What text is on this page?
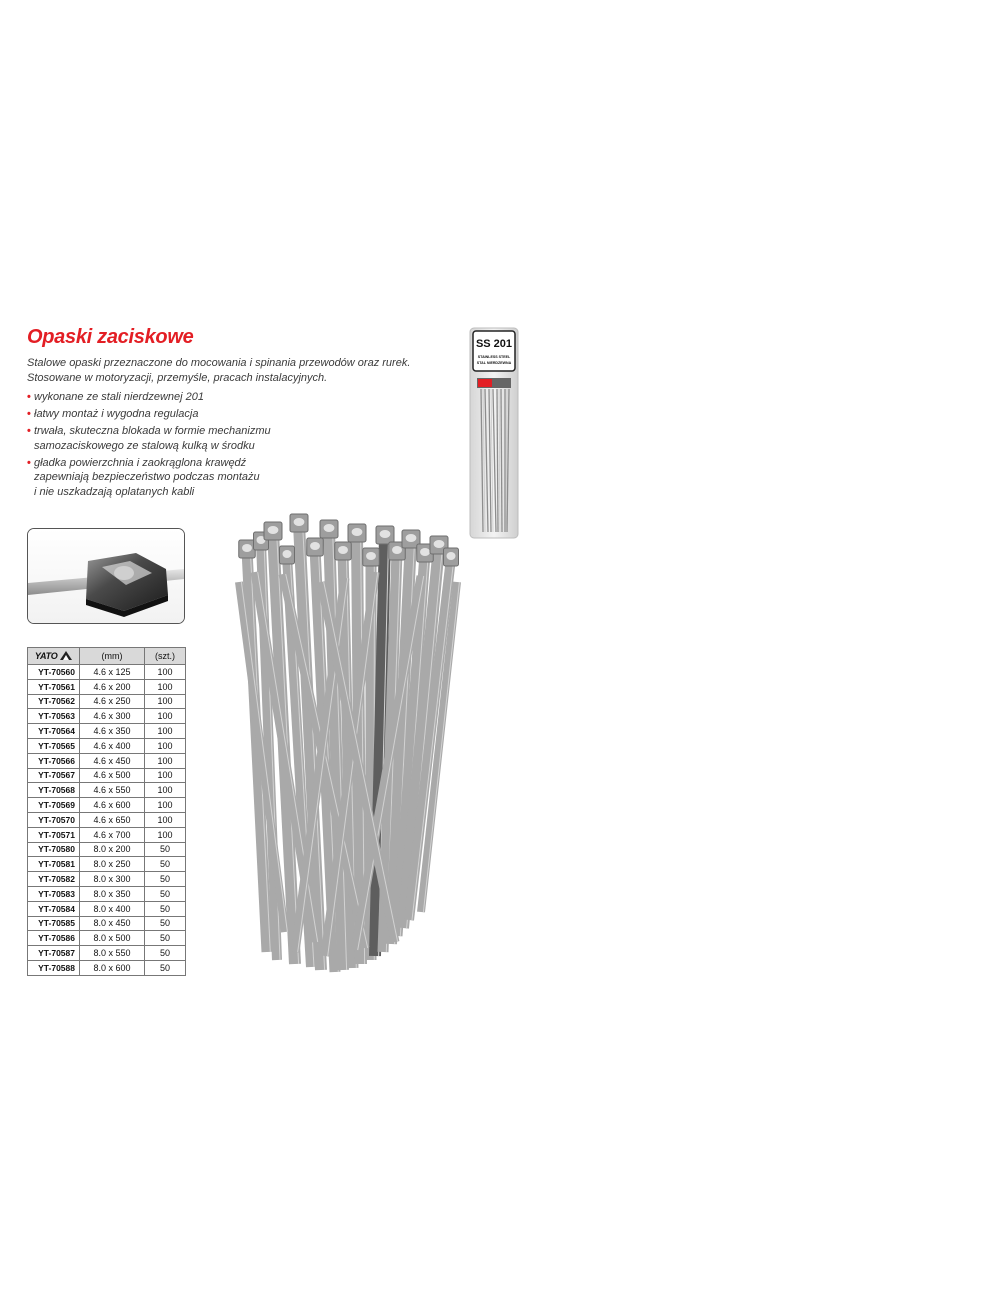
Opaski zaciskowe

Stalowe opaski przeznaczone do mocowania i spinania przewodów oraz rurek.

Stosowane w motoryzacji, przemyśle, pracach instalacyjnych.

• wykonane ze stali nierdzewnej 201
• łatwy montaż i wygodna regulacja
• trwała, skuteczna blokada w formie mechanizmu
samozaciskowego ze stalową kulką w środku
• gładka powierzchnia i zaokrąglona krawędź
zapewniają bezpieczeństwo podczas montażu
i nie uszkadzają oplatanych kabli
SS 201
STAINLESS STEEL
STAL NIERDZEWNA
YATO	(mm)	(szt.)
YT-70560	4.6 x 125	100
YT-70561	4.6 x 200	100
YT-70562	4.6 x 250	100
YT-70563	4.6 x 300	100
YT-70564	4.6 x 350	100
YT-70565	4.6 x 400	100
YT-70566	4.6 x 450	100
YT-70567	4.6 x 500	100
YT-70568	4.6 x 550	100
YT-70569	4.6 x 600	100
YT-70570	4.6 x 650	100
YT-70571	4.6 x 700	100
YT-70580	8.0 x 200	50
YT-70581	8.0 x 250	50
YT-70582	8.0 x 300	50
YT-70583	8.0 x 350	50
YT-70584	8.0 x 400	50
YT-70585	8.0 x 450	50
YT-70586	8.0 x 500	50
YT-70587	8.0 x 550	50
YT-70588	8.0 x 600	50
